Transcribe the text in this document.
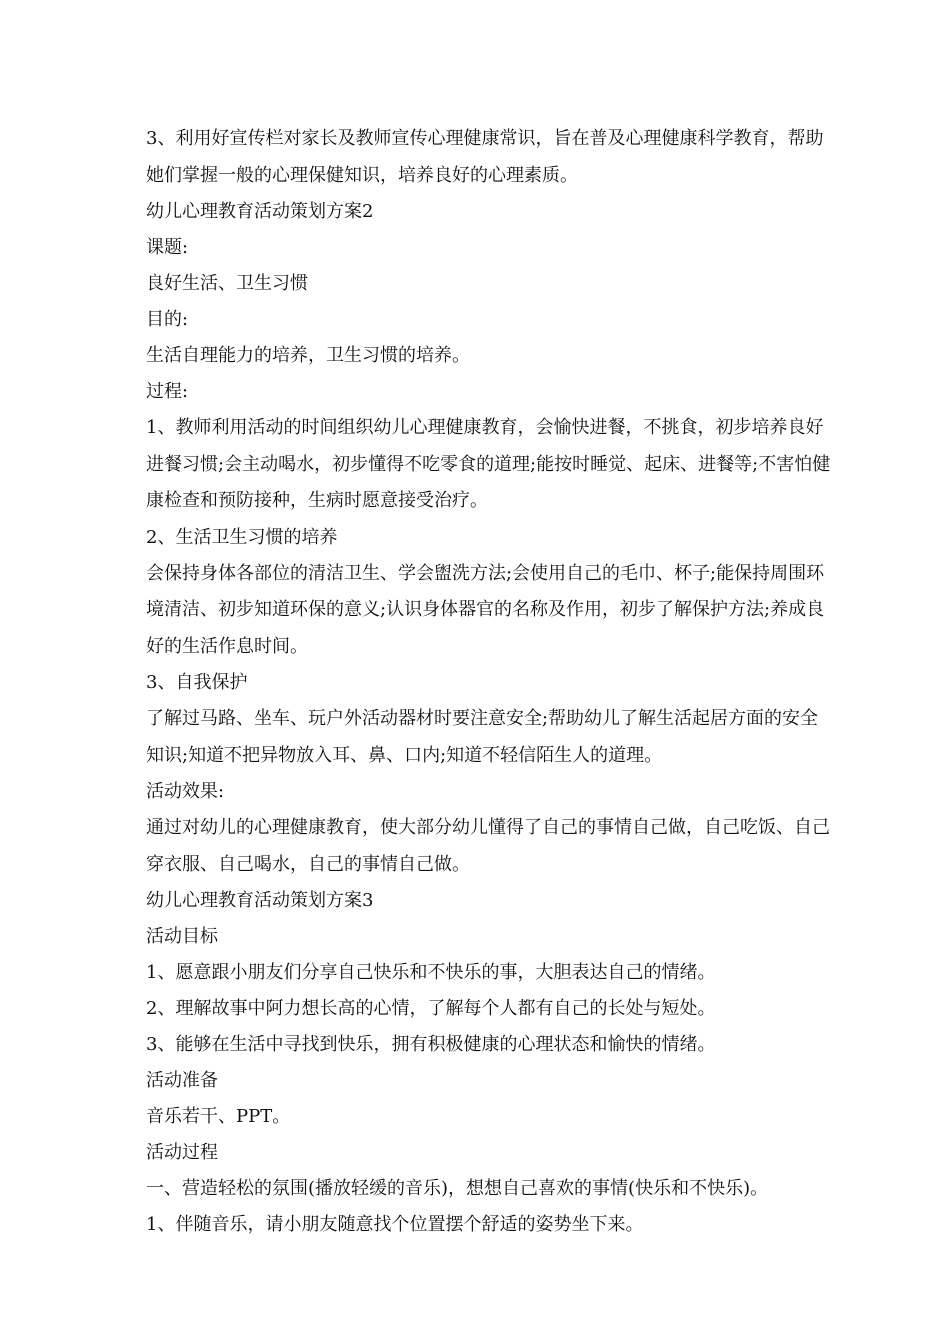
3、利用好宣传栏对家长及教师宣传心理健康常识，旨在普及心理健康科学教育，帮助她们掌握一般的心理保健知识，培养良好的心理素质。

幼儿心理教育活动策划方案2

课题:

良好生活、卫生习惯

目的:

生活自理能力的培养，卫生习惯的培养。

过程:

1、教师利用活动的时间组织幼儿心理健康教育，会愉快进餐，不挑食，初步培养良好进餐习惯;会主动喝水，初步懂得不吃零食的道理;能按时睡觉、起床、进餐等;不害怕健康检查和预防接种，生病时愿意接受治疗。

2、生活卫生习惯的培养

会保持身体各部位的清洁卫生、学会盥洗方法;会使用自己的毛巾、杯子;能保持周围环境清洁、初步知道环保的意义;认识身体器官的名称及作用，初步了解保护方法;养成良好的生活作息时间。

3、自我保护

了解过马路、坐车、玩户外活动器材时要注意安全;帮助幼儿了解生活起居方面的安全知识;知道不把异物放入耳、鼻、口内;知道不轻信陌生人的道理。

活动效果:

通过对幼儿的心理健康教育，使大部分幼儿懂得了自己的事情自己做，自己吃饭、自己穿衣服、自己喝水，自己的事情自己做。

幼儿心理教育活动策划方案3

活动目标

1、愿意跟小朋友们分享自己快乐和不快乐的事，大胆表达自己的情绪。

2、理解故事中阿力想长高的心情，了解每个人都有自己的长处与短处。

3、能够在生活中寻找到快乐，拥有积极健康的心理状态和愉快的情绪。

活动准备

音乐若干、PPT。

活动过程

一、营造轻松的氛围(播放轻缓的音乐)，想想自己喜欢的事情(快乐和不快乐)。

1、伴随音乐，请小朋友随意找个位置摆个舒适的姿势坐下来。
